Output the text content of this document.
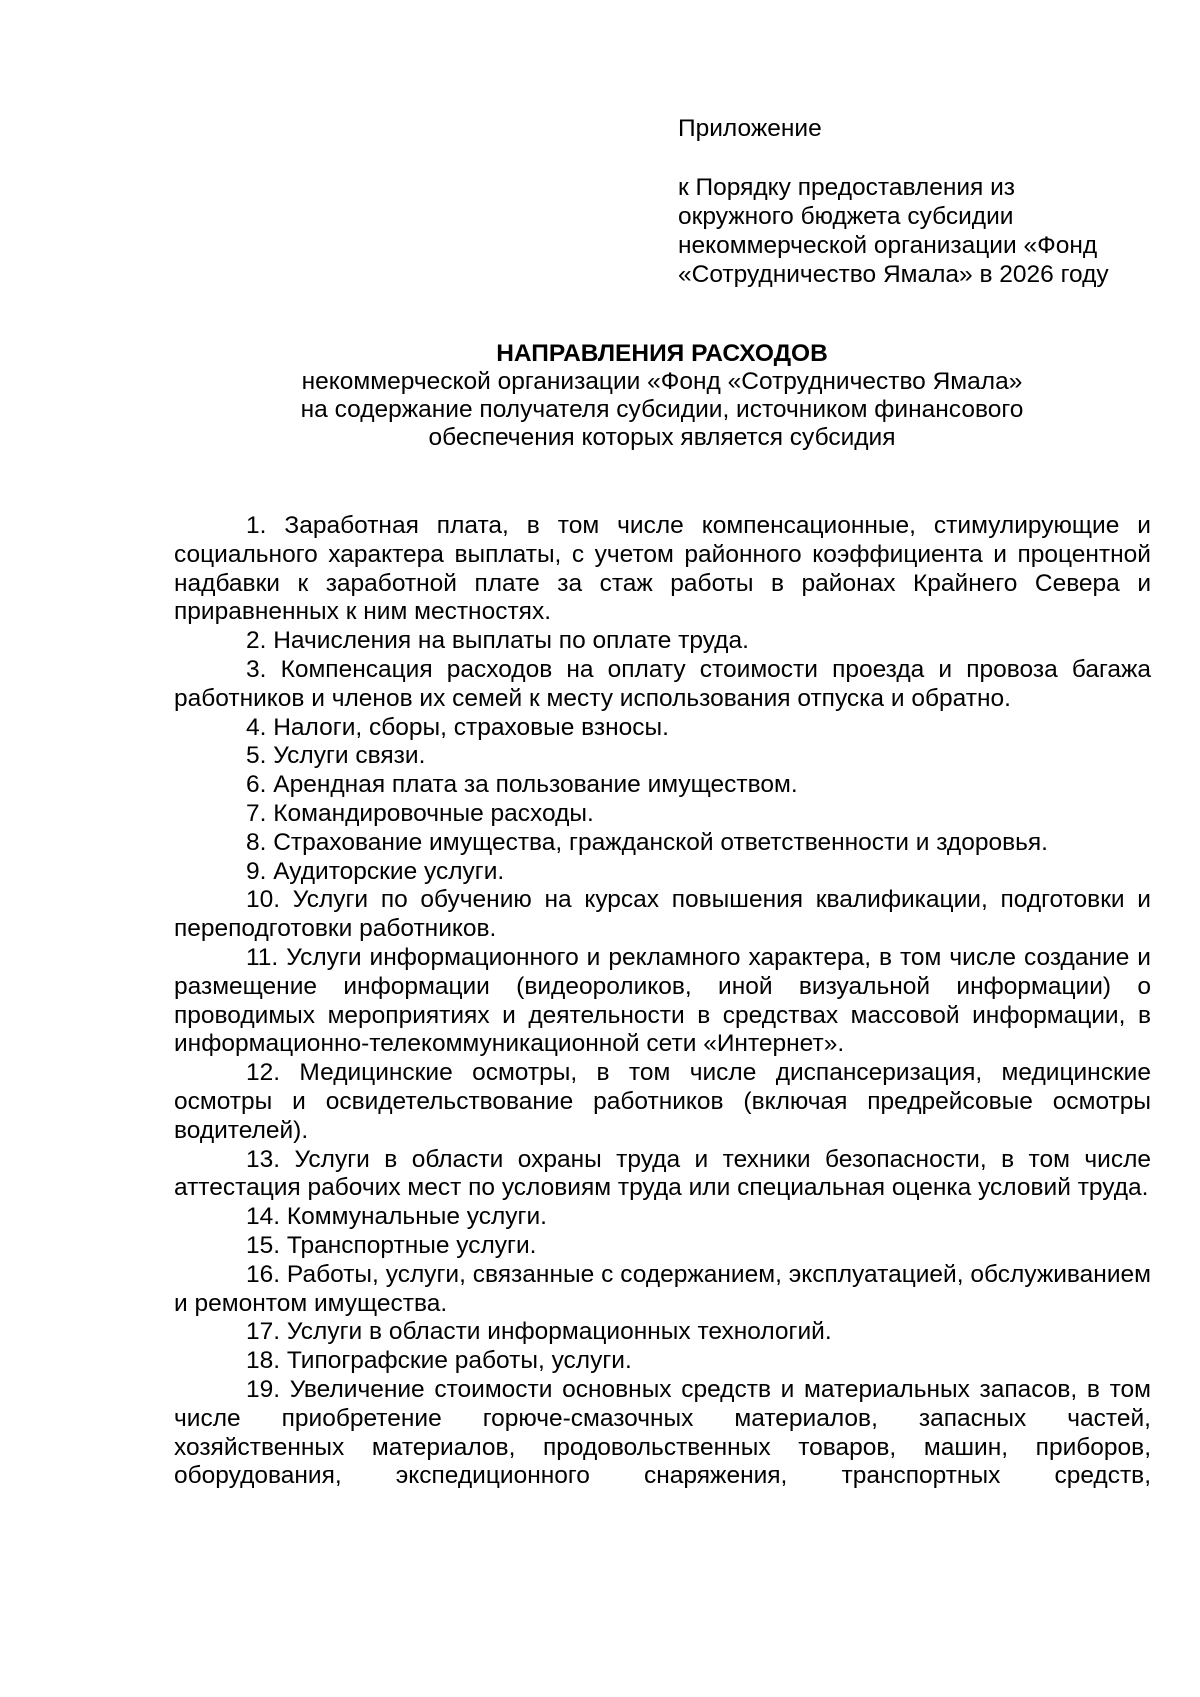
Приложение

к Порядку предоставления из
окружного бюджета субсидии
некоммерческой организации «Фонд
«Сотрудничество Ямала» в 2026 году

НАПРАВЛЕНИЯ РАСХОДОВ

некоммерческой организации «Фонд «Сотрудничество Ямала»
на содержание получателя субсидии, источником финансового
обеспечения которых является субсидия

1. Заработная плата, в том числе компенсационные, стимулирующие и социального характера выплаты, с учетом районного коэффициента и процентной надбавки к заработной плате за стаж работы в районах Крайнего Севера и приравненных к ним местностях.

2. Начисления на выплаты по оплате труда.

3. Компенсация расходов на оплату стоимости проезда и провоза багажа работников и членов их семей к месту использования отпуска и обратно.

4. Налоги, сборы, страховые взносы.

5. Услуги связи.

6. Арендная плата за пользование имуществом.

7. Командировочные расходы.

8. Страхование имущества, гражданской ответственности и здоровья.

9. Аудиторские услуги.

10. Услуги по обучению на курсах повышения квалификации, подготовки и переподготовки работников.

11. Услуги информационного и рекламного характера, в том числе создание и размещение информации (видеороликов, иной визуальной информации) о проводимых мероприятиях и деятельности в средствах массовой информации, в информационно-телекоммуникационной сети «Интернет».

12. Медицинские осмотры, в том числе диспансеризация, медицинские осмотры и освидетельствование работников (включая предрейсовые осмотры водителей).

13. Услуги в области охраны труда и техники безопасности, в том числе аттестация рабочих мест по условиям труда или специальная оценка условий труда.

14. Коммунальные услуги.

15. Транспортные услуги.

16. Работы, услуги, связанные с содержанием, эксплуатацией, обслуживанием и ремонтом имущества.

17. Услуги в области информационных технологий.

18. Типографские работы, услуги.

19. Увеличение стоимости основных средств и материальных запасов, в том числе приобретение горюче-смазочных материалов, запасных частей, хозяйственных материалов, продовольственных товаров, машин, приборов, оборудования, экспедиционного снаряжения, транспортных средств,
